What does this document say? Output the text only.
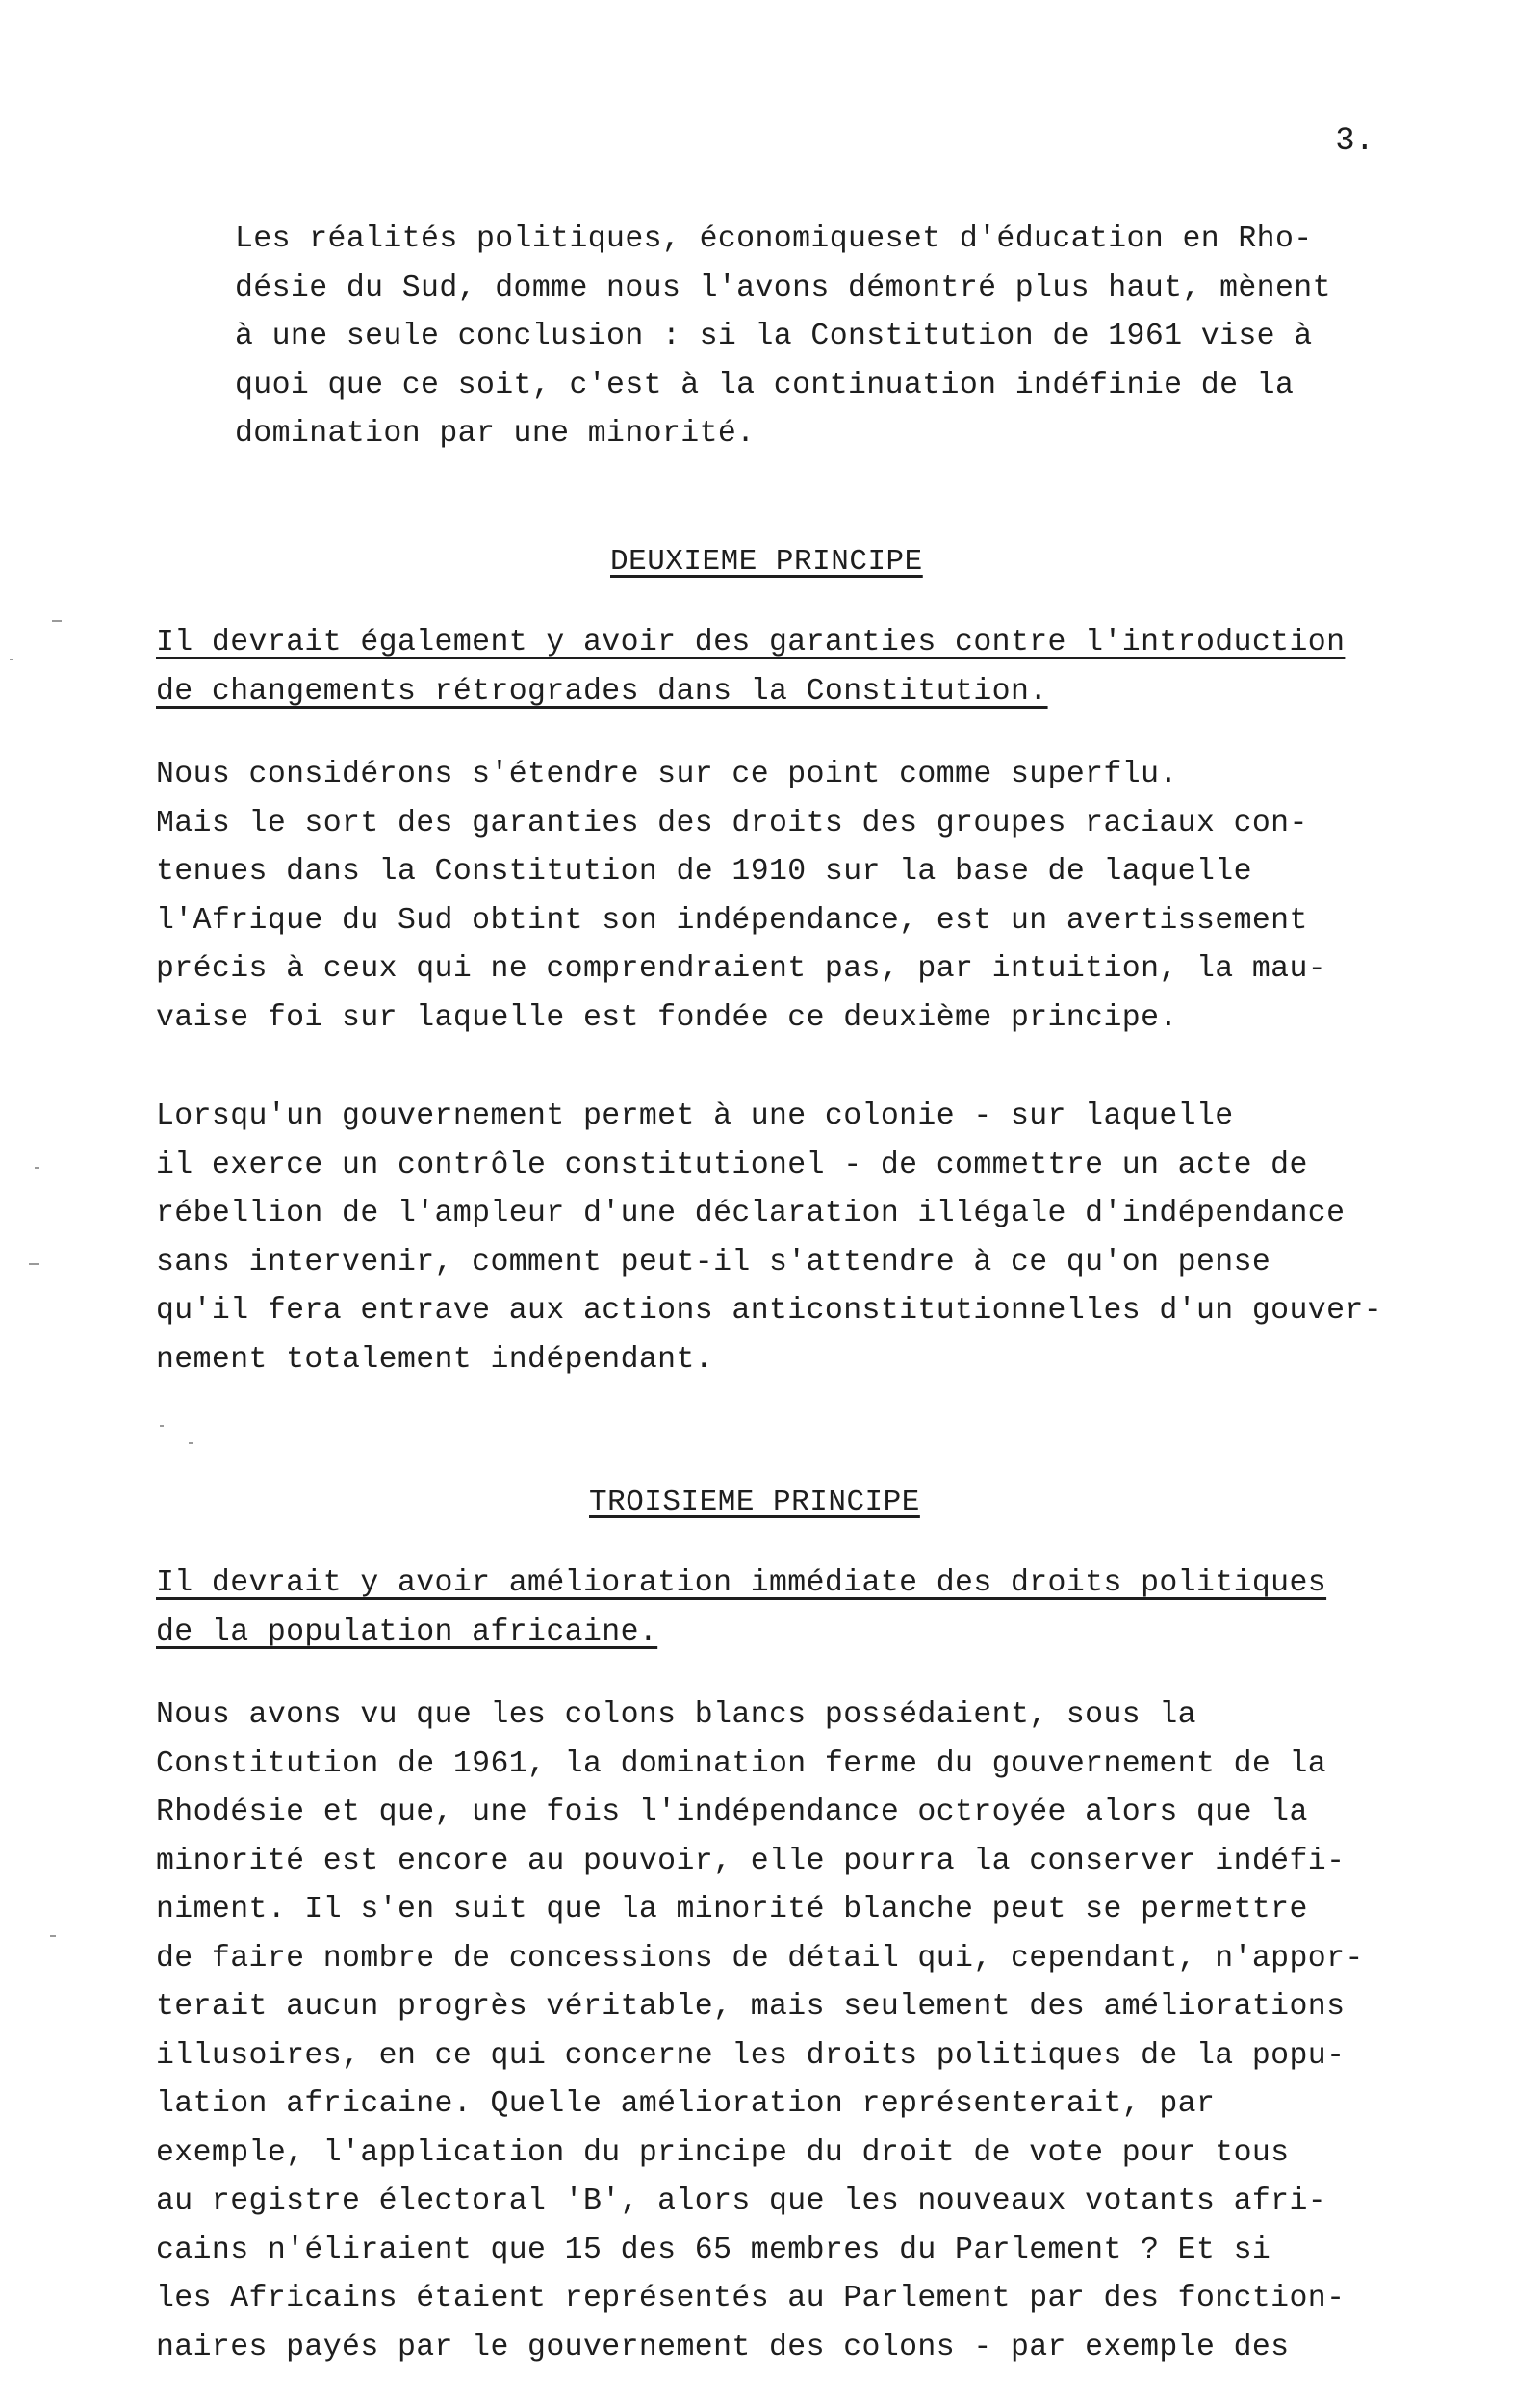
3.
Les réalités politiques, économiqueset d'éducation en Rho-
désie du Sud, domme nous l'avons démontré plus haut, mènent
à une seule conclusion : si la Constitution de 1961 vise à
quoi que ce soit, c'est à la continuation indéfinie de la
domination par une minorité.
DEUXIEME PRINCIPE
Il devrait également y avoir des garanties contre l'introduction
de changements rétrogrades dans la Constitution.
Nous considérons s'étendre sur ce point comme superflu.
Mais le sort des garanties des droits des groupes raciaux con-
tenues dans la Constitution de 1910 sur la base de laquelle
l'Afrique du Sud obtint son indépendance, est un avertissement
précis à ceux qui ne comprendraient pas, par intuition, la mau-
vaise foi sur laquelle est fondée ce deuxième principe.
Lorsqu'un gouvernement permet à une colonie - sur laquelle
il exerce un contrôle constitutionel - de commettre un acte de
rébellion de l'ampleur d'une déclaration illégale d'indépendance
sans intervenir, comment peut-il s'attendre à ce qu'on pense
qu'il fera entrave aux actions anticonstitutionnelles d'un gouver-
nement totalement indépendant.
TROISIEME PRINCIPE
Il devrait y avoir amélioration immédiate des droits politiques
de la population africaine.
Nous avons vu que les colons blancs possédaient, sous la
Constitution de 1961, la domination ferme du gouvernement de la
Rhodésie et que, une fois l'indépendance octroyée alors que la
minorité est encore au pouvoir, elle pourra la conserver indéfi-
niment. Il s'en suit que la minorité blanche peut se permettre
de faire nombre de concessions de détail qui, cependant, n'appor-
terait aucun progrès véritable, mais seulement des améliorations
illusoires, en ce qui concerne les droits politiques de la popu-
lation africaine. Quelle amélioration représenterait, par
exemple, l'application du principe du droit de vote pour tous
au registre électoral 'B', alors que les nouveaux votants afri-
cains n'éliraient que 15 des 65 membres du Parlement ? Et si
les Africains étaient représentés au Parlement par des fonction-
naires payés par le gouvernement des colons - par exemple des
